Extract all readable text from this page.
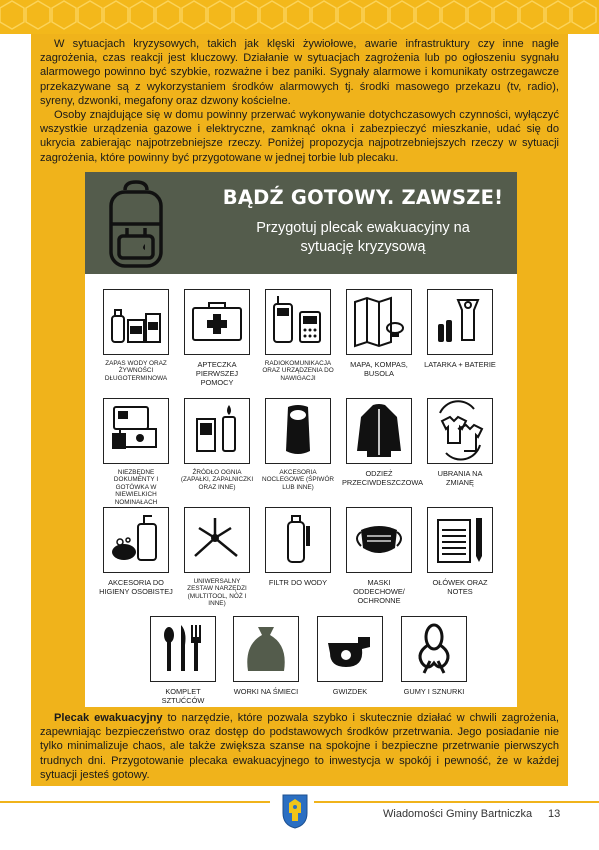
W sytuacjach kryzysowych, takich jak klęski żywiołowe, awarie infrastruktury czy inne nagłe zagrożenia, czas reakcji jest kluczowy. Działanie w sytuacjach zagrożenia lub po ogłoszeniu sygnału alarmowego powinno być szybkie, rozważne i bez paniki. Sygnały alarmowe i komunikaty ostrzegawcze przekazywane są z wykorzystaniem środków alarmowych tj. środki masowego przekazu (tv, radio), syreny, dzwonki, megafony oraz dzwony kościelne.

Osoby znajdujące się w domu powinny przerwać wykonywanie dotychczasowych czynności, wyłączyć wszystkie urządzenia gazowe i elektryczne, zamknąć okna i zabezpieczyć mieszkanie, udać się do ukrycia zabierając najpotrzebniejsze rzeczy. Poniżej propozycja najpotrzebniejszych rzeczy w sytuacji zagrożenia, które powinny być przygotowane w jednej torbie lub plecaku.

BĄDŹ GOTOWY. ZAWSZE!
Przygotuj plecak ewakuacyjny na
sytuację kryzysową
ZAPAS WODY ORAZ ŻYWNOŚCI DŁUGOTERMINOWA
APTECZKA PIERWSZEJ POMOCY
RADIOKOMUNIKACJA ORAZ URZĄDZENIA DO NAWIGACJI
MAPA, KOMPAS, BUSOLA
LATARKA + BATERIE
NIEZBĘDNE DOKUMENTY I GOTÓWKA W NIEWIELKICH NOMINAŁACH
ŹRÓDŁO OGNIA (ZAPAŁKI, ZAPALNICZKI ORAZ INNE)
AKCESORIA NOCLEGOWE (ŚPIWÓR LUB INNE)
ODZIEŻ PRZECIWDESZCZOWA
UBRANIA NA ZMIANĘ
AKCESORIA DO HIGIENY OSOBISTEJ
UNIWERSALNY ZESTAW NARZĘDZI (MULTITOOL, NÓŻ I INNE)
FILTR DO WODY	MASKI ODDECHOWE/ OCHRONNE
OŁÓWEK ORAZ NOTES
KOMPLET SZTUĆCÓW
WORKI NA ŚMIECI	GWIZDEK	GUMY I SZNURKI

Plecak ewakuacyjny to narzędzie, które pozwala szybko i skutecznie działać w chwili zagrożenia, zapewniając bezpieczeństwo oraz dostęp do podstawowych środków przetrwania. Jego posiadanie nie tylko minimalizuje chaos, ale także zwiększa szanse na spokojne i bezpieczne przetrwanie pierwszych trudnych dni. Przygotowanie plecaka ewakuacyjnego to inwestycja w spokój i pewność, że w każdej sytuacji jesteś gotowy.

Wiadomości Gminy Bartniczka 13
